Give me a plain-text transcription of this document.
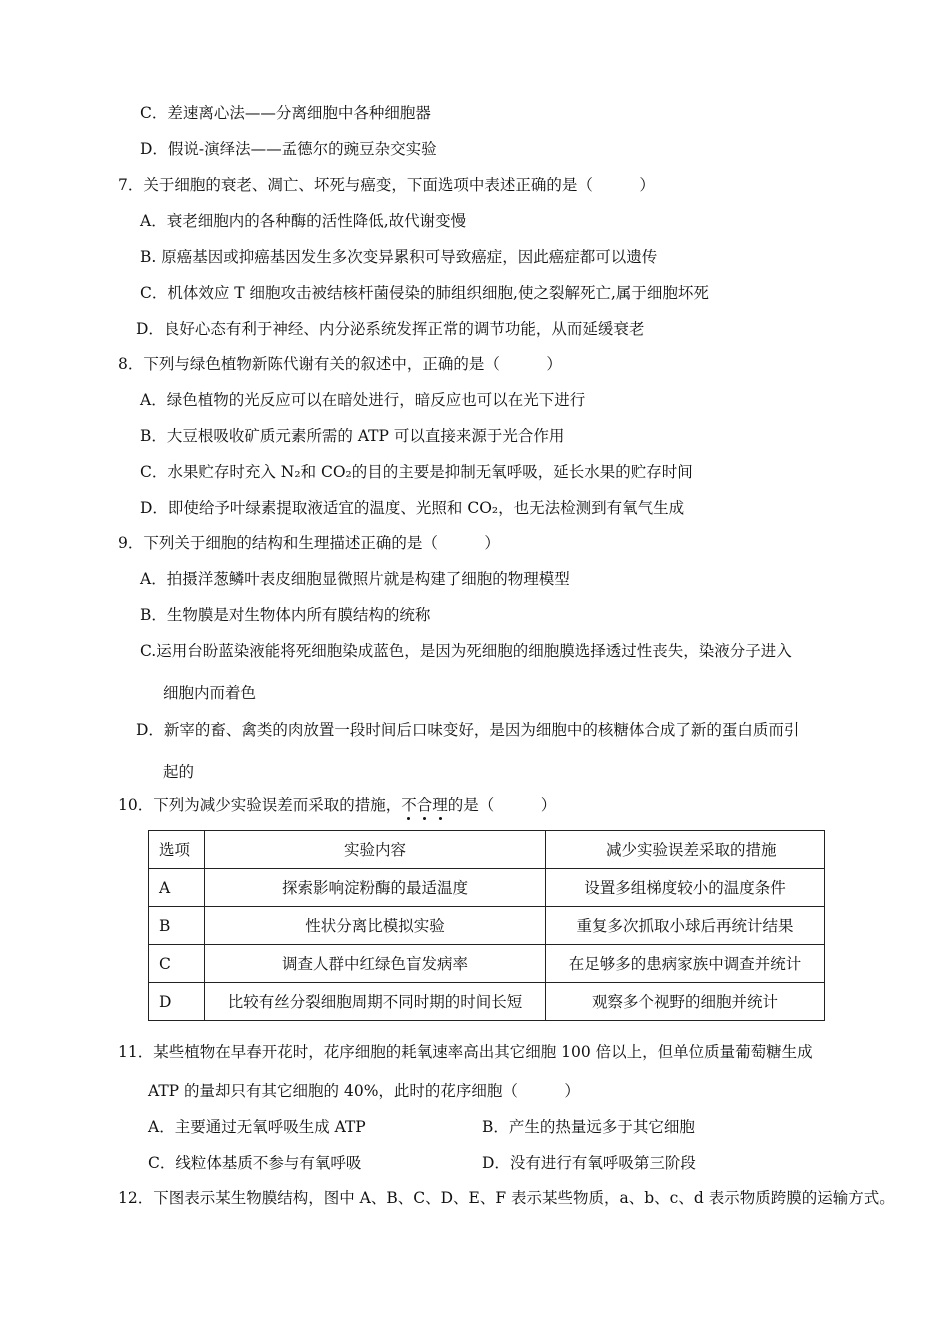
C．差速离心法——分离细胞中各种细胞器
D．假说-演绎法——孟德尔的豌豆杂交实验
7．关于细胞的衰老、凋亡、坏死与癌变，下面选项中表述正确的是（　　　）
A．衰老细胞内的各种酶的活性降低,故代谢变慢
B. 原癌基因或抑癌基因发生多次变异累积可导致癌症，因此癌症都可以遗传
C．机体效应 T 细胞攻击被结核杆菌侵染的肺组织细胞,使之裂解死亡,属于细胞坏死
D．良好心态有利于神经、内分泌系统发挥正常的调节功能，从而延缓衰老
8．下列与绿色植物新陈代谢有关的叙述中，正确的是（　　　）
A．绿色植物的光反应可以在暗处进行，暗反应也可以在光下进行
B．大豆根吸收矿质元素所需的 ATP 可以直接来源于光合作用
C．水果贮存时充入 N₂和 CO₂的目的主要是抑制无氧呼吸，延长水果的贮存时间
D．即使给予叶绿素提取液适宜的温度、光照和 CO₂，也无法检测到有氧气生成
9．下列关于细胞的结构和生理描述正确的是（　　　）
A．拍摄洋葱鳞叶表皮细胞显微照片就是构建了细胞的物理模型
B．生物膜是对生物体内所有膜结构的统称
C.运用台盼蓝染液能将死细胞染成蓝色，是因为死细胞的细胞膜选择透过性丧失，染液分子进入
细胞内而着色
D．新宰的畜、禽类的肉放置一段时间后口味变好，是因为细胞中的核糖体合成了新的蛋白质而引
起的
10．下列为减少实验误差而采取的措施，不合理的是（　　　）
选项	实验内容	减少实验误差采取的措施
A	探索影响淀粉酶的最适温度	设置多组梯度较小的温度条件
B	性状分离比模拟实验	重复多次抓取小球后再统计结果
C	调查人群中红绿色盲发病率	在足够多的患病家族中调查并统计
D	比较有丝分裂细胞周期不同时期的时间长短	观察多个视野的细胞并统计
11．某些植物在早春开花时，花序细胞的耗氧速率高出其它细胞 100 倍以上，但单位质量葡萄糖生成
ATP 的量却只有其它细胞的 40%，此时的花序细胞（　　　）
A．主要通过无氧呼吸生成 ATP	B．产生的热量远多于其它细胞
C．线粒体基质不参与有氧呼吸	D．没有进行有氧呼吸第三阶段
12．下图表示某生物膜结构，图中 A、B、C、D、E、F 表示某些物质，a、b、c、d 表示物质跨膜的运输方式。
